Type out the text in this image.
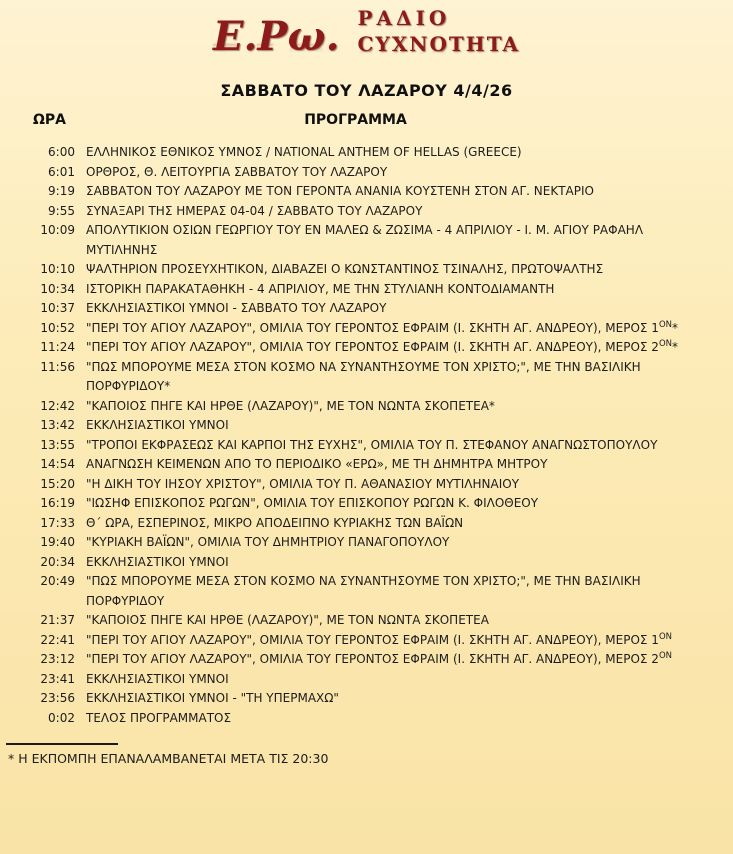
Ε.Ρω. ΡΑΔΙΟ
CYXNOTHTA
ΣΑΒΒΑΤΟ ΤΟΥ ΛΑΖΑΡΟΥ 4/4/26
ΩΡΑ	ΠΡΟΓΡΑΜΜΑ
6:00 ΕΛΛΗΝΙΚΟΣ ΕΘΝΙΚΟΣ ΥΜΝΟΣ / NATIONAL ANTHEM OF HELLAS (GREECE)
6:01 ΟΡΘΡΟΣ, Θ. ΛΕΙΤΟΥΡΓΙΑ ΣΑΒΒΑΤΟΥ ΤΟΥ ΛΑΖΑΡΟΥ
9:19 ΣΑΒΒΑΤΟΝ ΤΟΥ ΛΑΖΑΡΟΥ ΜΕ ΤΟΝ ΓΕΡΟΝΤΑ ΑΝΑΝΙΑ ΚΟΥΣΤΕΝΗ ΣΤΟΝ ΑΓ. ΝΕΚΤΑΡΙΟ
9:55 ΣΥΝΑΞΑΡΙ ΤΗΣ ΗΜΕΡΑΣ 04-04 / ΣΑΒΒΑΤΟ ΤΟΥ ΛΑΖΑΡΟΥ
10:09 ΑΠΟΛΥΤΙΚΙΟΝ ΟΣΙΩΝ ΓΕΩΡΓΙΟΥ ΤΟΥ ΕΝ ΜΑΛΕΩ & ΖΩΣΙΜΑ - 4 ΑΠΡΙΛΙΟΥ - Ι. Μ. ΑΓΙΟΥ ΡΑΦΑΗΛ ΜΥΤΙΛΗΝΗΣ
10:10 ΨΑΛΤΗΡΙΟΝ ΠΡΟΣΕΥΧΗΤΙΚΟΝ, ΔΙΑΒΑΖΕΙ Ο ΚΩΝΣΤΑΝΤΙΝΟΣ ΤΣΙΝΑΛΗΣ, ΠΡΩΤΟΨΑΛΤΗΣ
10:34 ΙΣΤΟΡΙΚΗ ΠΑΡΑΚΑΤΑΘΗΚΗ - 4 ΑΠΡΙΛΙΟΥ, ΜΕ ΤΗΝ ΣΤΥΛΙΑΝΗ ΚΟΝΤΟΔΙΑΜΑΝΤΗ
10:37 ΕΚΚΛΗΣΙΑΣΤΙΚΟΙ ΥΜΝΟΙ - ΣΑΒΒΑΤΟ ΤΟΥ ΛΑΖΑΡΟΥ
10:52 "ΠΕΡΙ ΤΟΥ ΑΓΙΟΥ ΛΑΖΑΡΟΥ", ΟΜΙΛΙΑ ΤΟΥ ΓΕΡΟΝΤΟΣ ΕΦΡΑΙΜ (Ι. ΣΚΗΤΗ ΑΓ. ΑΝΔΡΕΟΥ), ΜΕΡΟΣ $1^{ON}*$
11:24 "ΠΕΡΙ ΤΟΥ ΑΓΙΟΥ ΛΑΖΑΡΟΥ", ΟΜΙΛΙΑ ΤΟΥ ΓΕΡΟΝΤΟΣ ΕΦΡΑΙΜ (Ι. ΣΚΗΤΗ ΑΓ. ΑΝΔΡΕΟΥ), ΜΕΡΟΣ $2^{ON}*$
11:56 "ΠΩΣ ΜΠΟΡΟΥΜΕ ΜΕΣΑ ΣΤΟΝ ΚΟΣΜΟ ΝΑ ΣΥΝΑΝΤΗΣΟΥΜΕ ΤΟΝ ΧΡΙΣΤΟ;", ΜΕ ΤΗΝ ΒΑΣΙΛΙΚΗ ΠΟΡΦΥΡΙΔΟΥ*
12:42 "ΚΑΠΟΙΟΣ ΠΗΓΕ ΚΑΙ ΗΡΘΕ (ΛΑΖΑΡΟΥ)", ΜΕ ΤΟΝ ΝΩΝΤΑ ΣΚΟΠΕΤΕΑ*
13:42 ΕΚΚΛΗΣΙΑΣΤΙΚΟΙ ΥΜΝΟΙ
13:55 "ΤΡΟΠΟΙ ΕΚΦΡΑΣΕΩΣ ΚΑΙ ΚΑΡΠΟΙ ΤΗΣ ΕΥΧΗΣ", ΟΜΙΛΙΑ ΤΟΥ Π. ΣΤΕΦΑΝΟΥ ΑΝΑΓΝΩΣΤΟΠΟΥΛΟΥ
14:54 ΑΝΑΓΝΩΣΗ ΚΕΙΜΕΝΩΝ ΑΠΟ ΤΟ ΠΕΡΙΟΔΙΚΟ «ΕΡΩ», ΜΕ ΤΗ ΔΗΜΗΤΡΑ ΜΗΤΡΟΥ
15:20 "Η ΔΙΚΗ ΤΟΥ ΙΗΣΟΥ ΧΡΙΣΤΟΥ", ΟΜΙΛΙΑ ΤΟΥ Π. ΑΘΑΝΑΣΙΟΥ ΜΥΤΙΛΗΝΑΙΟΥ
16:19 "ΙΩΣΗΦ ΕΠΙΣΚΟΠΟΣ ΡΩΓΩΝ", ΟΜΙΛΙΑ ΤΟΥ ΕΠΙΣΚΟΠΟΥ ΡΩΓΩΝ Κ. ΦΙΛΟΘΕΟΥ
17:33 Θ΄ ΩΡΑ, ΕΣΠΕΡΙΝΟΣ, ΜΙΚΡΟ ΑΠΟΔΕΙΠΝΟ ΚΥΡΙΑΚΗΣ ΤΩΝ ΒΑΪΩΝ
19:40 "ΚΥΡΙΑΚΗ ΒΑΪΩΝ", ΟΜΙΛΙΑ ΤΟΥ ΔΗΜΗΤΡΙΟΥ ΠΑΝΑΓΟΠΟΥΛΟΥ
20:34 ΕΚΚΛΗΣΙΑΣΤΙΚΟΙ ΥΜΝΟΙ
20:49 "ΠΩΣ ΜΠΟΡΟΥΜΕ ΜΕΣΑ ΣΤΟΝ ΚΟΣΜΟ ΝΑ ΣΥΝΑΝΤΗΣΟΥΜΕ ΤΟΝ ΧΡΙΣΤΟ;", ΜΕ ΤΗΝ ΒΑΣΙΛΙΚΗ ΠΟΡΦΥΡΙΔΟΥ
21:37 "ΚΑΠΟΙΟΣ ΠΗΓΕ ΚΑΙ ΗΡΘΕ (ΛΑΖΑΡΟΥ)", ΜΕ ΤΟΝ ΝΩΝΤΑ ΣΚΟΠΕΤΕΑ
22:41 "ΠΕΡΙ ΤΟΥ ΑΓΙΟΥ ΛΑΖΑΡΟΥ", ΟΜΙΛΙΑ ΤΟΥ ΓΕΡΟΝΤΟΣ ΕΦΡΑΙΜ (Ι. ΣΚΗΤΗ ΑΓ. ΑΝΔΡΕΟΥ), ΜΕΡΟΣ $1^{ON}$
23:12 "ΠΕΡΙ ΤΟΥ ΑΓΙΟΥ ΛΑΖΑΡΟΥ", ΟΜΙΛΙΑ ΤΟΥ ΓΕΡΟΝΤΟΣ ΕΦΡΑΙΜ (Ι. ΣΚΗΤΗ ΑΓ. ΑΝΔΡΕΟΥ), ΜΕΡΟΣ $2^{ON}$
23:41 ΕΚΚΛΗΣΙΑΣΤΙΚΟΙ ΥΜΝΟΙ
23:56 ΕΚΚΛΗΣΙΑΣΤΙΚΟΙ ΥΜΝΟΙ - "ΤΗ ΥΠΕΡΜΑΧΩ"
0:02 ΤΕΛΟΣ ΠΡΟΓΡΑΜΜΑΤΟΣ
* Η ΕΚΠΟΜΠΗ ΕΠΑΝΑΛΑΜΒΑΝΕΤΑΙ ΜΕΤΑ ΤΙΣ 20:30
